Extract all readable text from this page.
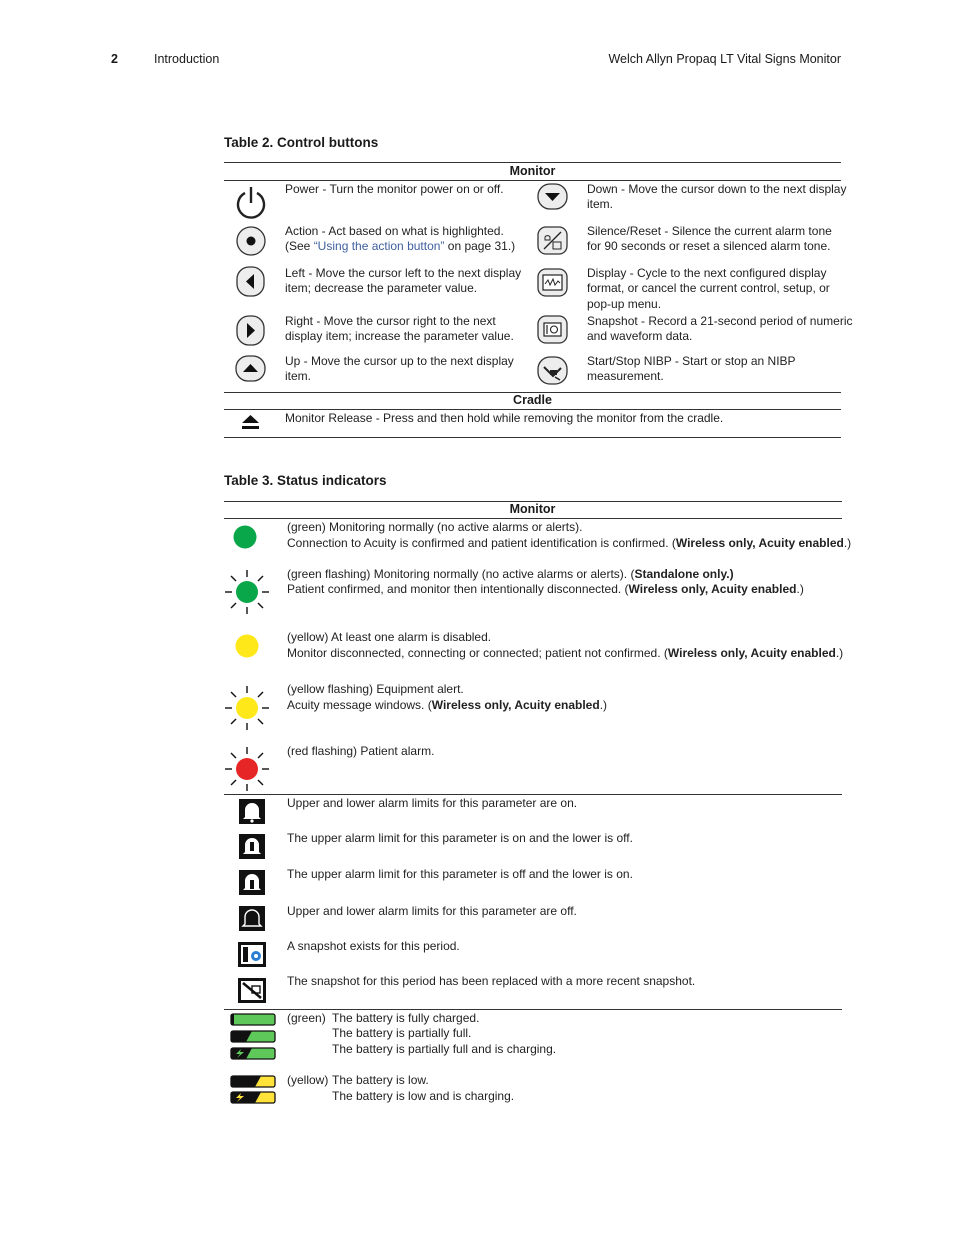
2	Introduction	Welch Allyn Propaq LT Vital Signs Monitor
Table 2. Control buttons
Monitor
Power - Turn the monitor power on or off.
Action - Act based on what is highlighted.
(See “Using the action button” on page 31.)
Left - Move the cursor left to the next display
item; decrease the parameter value.
Right - Move the cursor right to the next
display item; increase the parameter value.
Up - Move the cursor up to the next display
item.
Down - Move the cursor down to the next display
item.
Silence/Reset - Silence the current alarm tone
for 90 seconds or reset a silenced alarm tone.
Display - Cycle to the next configured display
format, or cancel the current control, setup, or
pop-up menu.
Snapshot - Record a 21-second period of numeric
and waveform data.
Start/Stop NIBP - Start or stop an NIBP
measurement.
Cradle
Monitor Release - Press and then hold while removing the monitor from the cradle.
Table 3. Status indicators
Monitor
(green) Monitoring normally (no active alarms or alerts).
Connection to Acuity is confirmed and patient identification is confirmed. (Wireless only, Acuity enabled.)
(green flashing) Monitoring normally (no active alarms or alerts). (Standalone only.)
Patient confirmed, and monitor then intentionally disconnected. (Wireless only, Acuity enabled.)
(yellow) At least one alarm is disabled.
Monitor disconnected, connecting or connected; patient not confirmed. (Wireless only, Acuity enabled.)
(yellow flashing) Equipment alert.
Acuity message windows. (Wireless only, Acuity enabled.)
(red flashing) Patient alarm.
Upper and lower alarm limits for this parameter are on.
The upper alarm limit for this parameter is on and the lower is off.
The upper alarm limit for this parameter is off and the lower is on.
Upper and lower alarm limits for this parameter are off.
A snapshot exists for this period.
The snapshot for this period has been replaced with a more recent snapshot.
(green) The battery is fully charged.
The battery is partially full.
The battery is partially full and is charging.
(yellow) The battery is low.
The battery is low and is charging.
